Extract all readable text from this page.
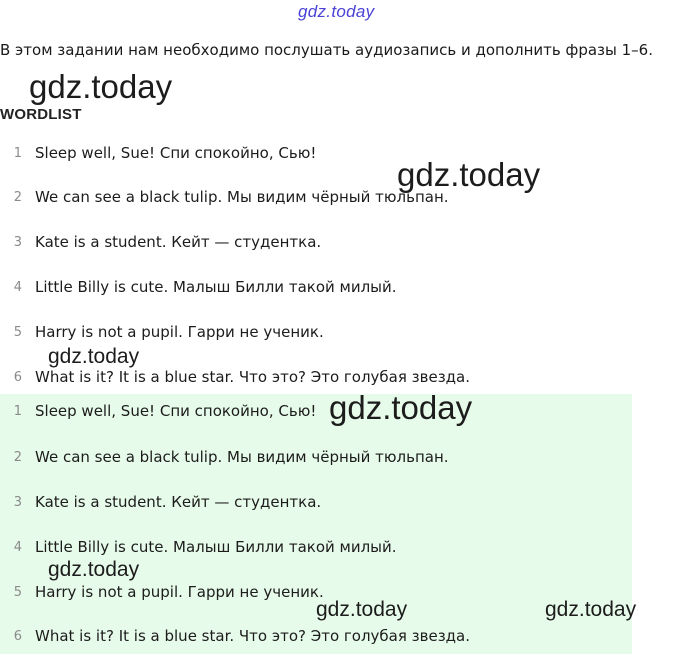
gdz.today

В этом задании нам необходимо послушать аудиозапись и дополнить фразы 1–6.

WORDLIST
1 Sleep well, Sue! Спи спокойно, Сью!
2 We can see a black tulip. Мы видим чёрный тюльпан.
3 Kate is a student. Кейт — студентка.
4 Little Billy is cute. Малыш Билли такой милый.
5 Harry is not a pupil. Гарри не ученик.
6 What is it? It is a blue star. Что это? Это голубая звезда.
1 Sleep well, Sue! Спи спокойно, Сью!
2 We can see a black tulip. Мы видим чёрный тюльпан.
3 Kate is a student. Кейт — студентка.
4 Little Billy is cute. Малыш Билли такой милый.
5 Harry is not a pupil. Гарри не ученик.
6 What is it? It is a blue star. Что это? Это голубая звезда.
gdz.today
gdz.today
gdz.today
gdz.today
gdz.today
gdz.today	gdz.today
